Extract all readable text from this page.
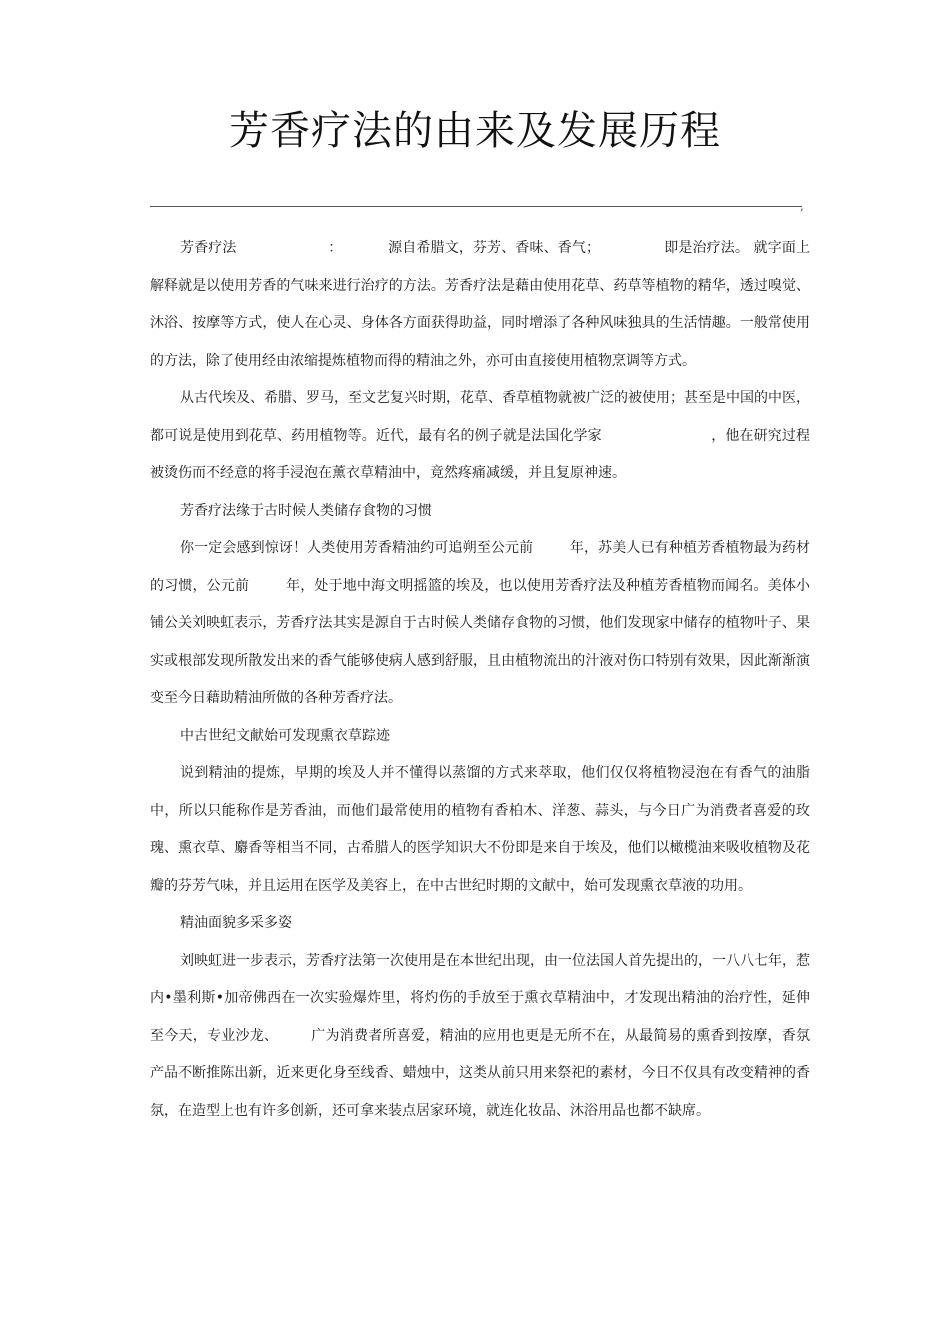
芳香疗法的由来及发展历程
,

芳香疗法                    ：          源自希腊文，芬芳、香味、香气；              即是治疗法。 就字面上解释就是以使用芳香的气味来进行治疗的方法。芳香疗法是藉由使用花草、药草等植物的精华，透过嗅觉、沐浴、按摩等方式，使人在心灵、身体各方面获得助益，同时增添了各种风味独具的生活情趣。一般常使用的方法，除了使用经由浓缩提炼植物而得的精油之外，亦可由直接使用植物烹调等方式。

从古代埃及、希腊、罗马，至文艺复兴时期，花草、香草植物就被广泛的被使用；甚至是中国的中医，都可说是使用到花草、药用植物等。近代，最有名的例子就是法国化学家                        ，他在研究过程被烫伤而不经意的将手浸泡在薰衣草精油中，竟然疼痛减缓，并且复原神速。

芳香疗法缘于古时候人类储存食物的习惯

你一定会感到惊讶！人类使用芳香精油约可追朔至公元前        年，苏美人已有种植芳香植物最为药材的习惯，公元前        年，处于地中海文明摇篮的埃及，也以使用芳香疗法及种植芳香植物而闻名。美体小铺公关刘映虹表示，芳香疗法其实是源自于古时候人类储存食物的习惯，他们发现家中储存的植物叶子、果实或根部发现所散发出来的香气能够使病人感到舒服，且由植物流出的汁液对伤口特别有效果，因此渐渐演变至今日藉助精油所做的各种芳香疗法。

中古世纪文献始可发现熏衣草踪迹

说到精油的提炼，早期的埃及人并不懂得以蒸馏的方式来萃取，他们仅仅将植物浸泡在有香气的油脂中，所以只能称作是芳香油，而他们最常使用的植物有香柏木、洋葱、蒜头，与今日广为消费者喜爱的玫瑰、熏衣草、麝香等相当不同，古希腊人的医学知识大不份即是来自于埃及，他们以橄榄油来吸收植物及花瓣的芬芳气味，并且运用在医学及美容上，在中古世纪时期的文献中，始可发现熏衣草液的功用。

精油面貌多采多姿

刘映虹进一步表示，芳香疗法第一次使用是在本世纪出现，由一位法国人首先提出的，一八八七年，惹内•墨利斯•加帝佛西在一次实验爆炸里，将灼伤的手放至于熏衣草精油中，才发现出精油的治疗性，延伸至今天，专业沙龙、       广为消费者所喜爱，精油的应用也更是无所不在，从最简易的熏香到按摩，香氛产品不断推陈出新，近来更化身至线香、蜡烛中，这类从前只用来祭祀的素材，今日不仅具有改变精神的香氛，在造型上也有许多创新，还可拿来装点居家环境，就连化妆品、沐浴用品也都不缺席。
